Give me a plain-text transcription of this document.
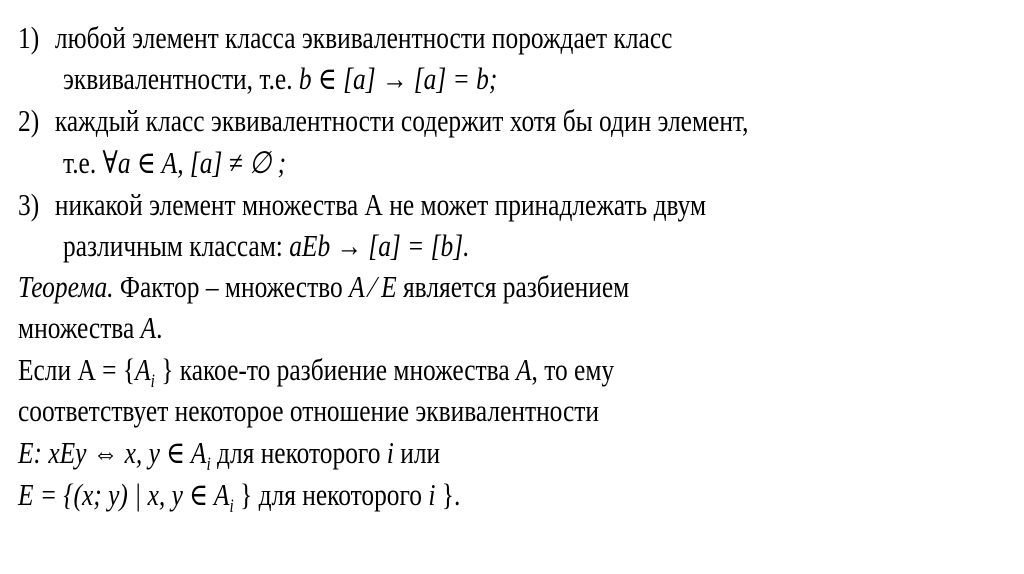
1) любой элемент класса эквивалентности порождает класс
эквивалентности, т.е. b ∈ [a] → [a] = b;
2) каждый класс эквивалентности содержит хотя бы один элемент,
т.е. ∀a ∈ A, [a] ≠ ∅ ;
3) никакой элемент множества А не может принадлежать двум
различным классам: aEb → [a] = [b].
Теорема. Фактор – множество A ⁄ E является разбиением
множества A.
Если $А = \{A_i$ } какое-то разбиение множества A, то ему
соответствует некоторое отношение эквивалентности
E: xEy ⇔ x, y ∈ $A_i$ для некоторого i или
E = {(x; y) | x, y ∈ $A_i$ } для некоторого i }.
